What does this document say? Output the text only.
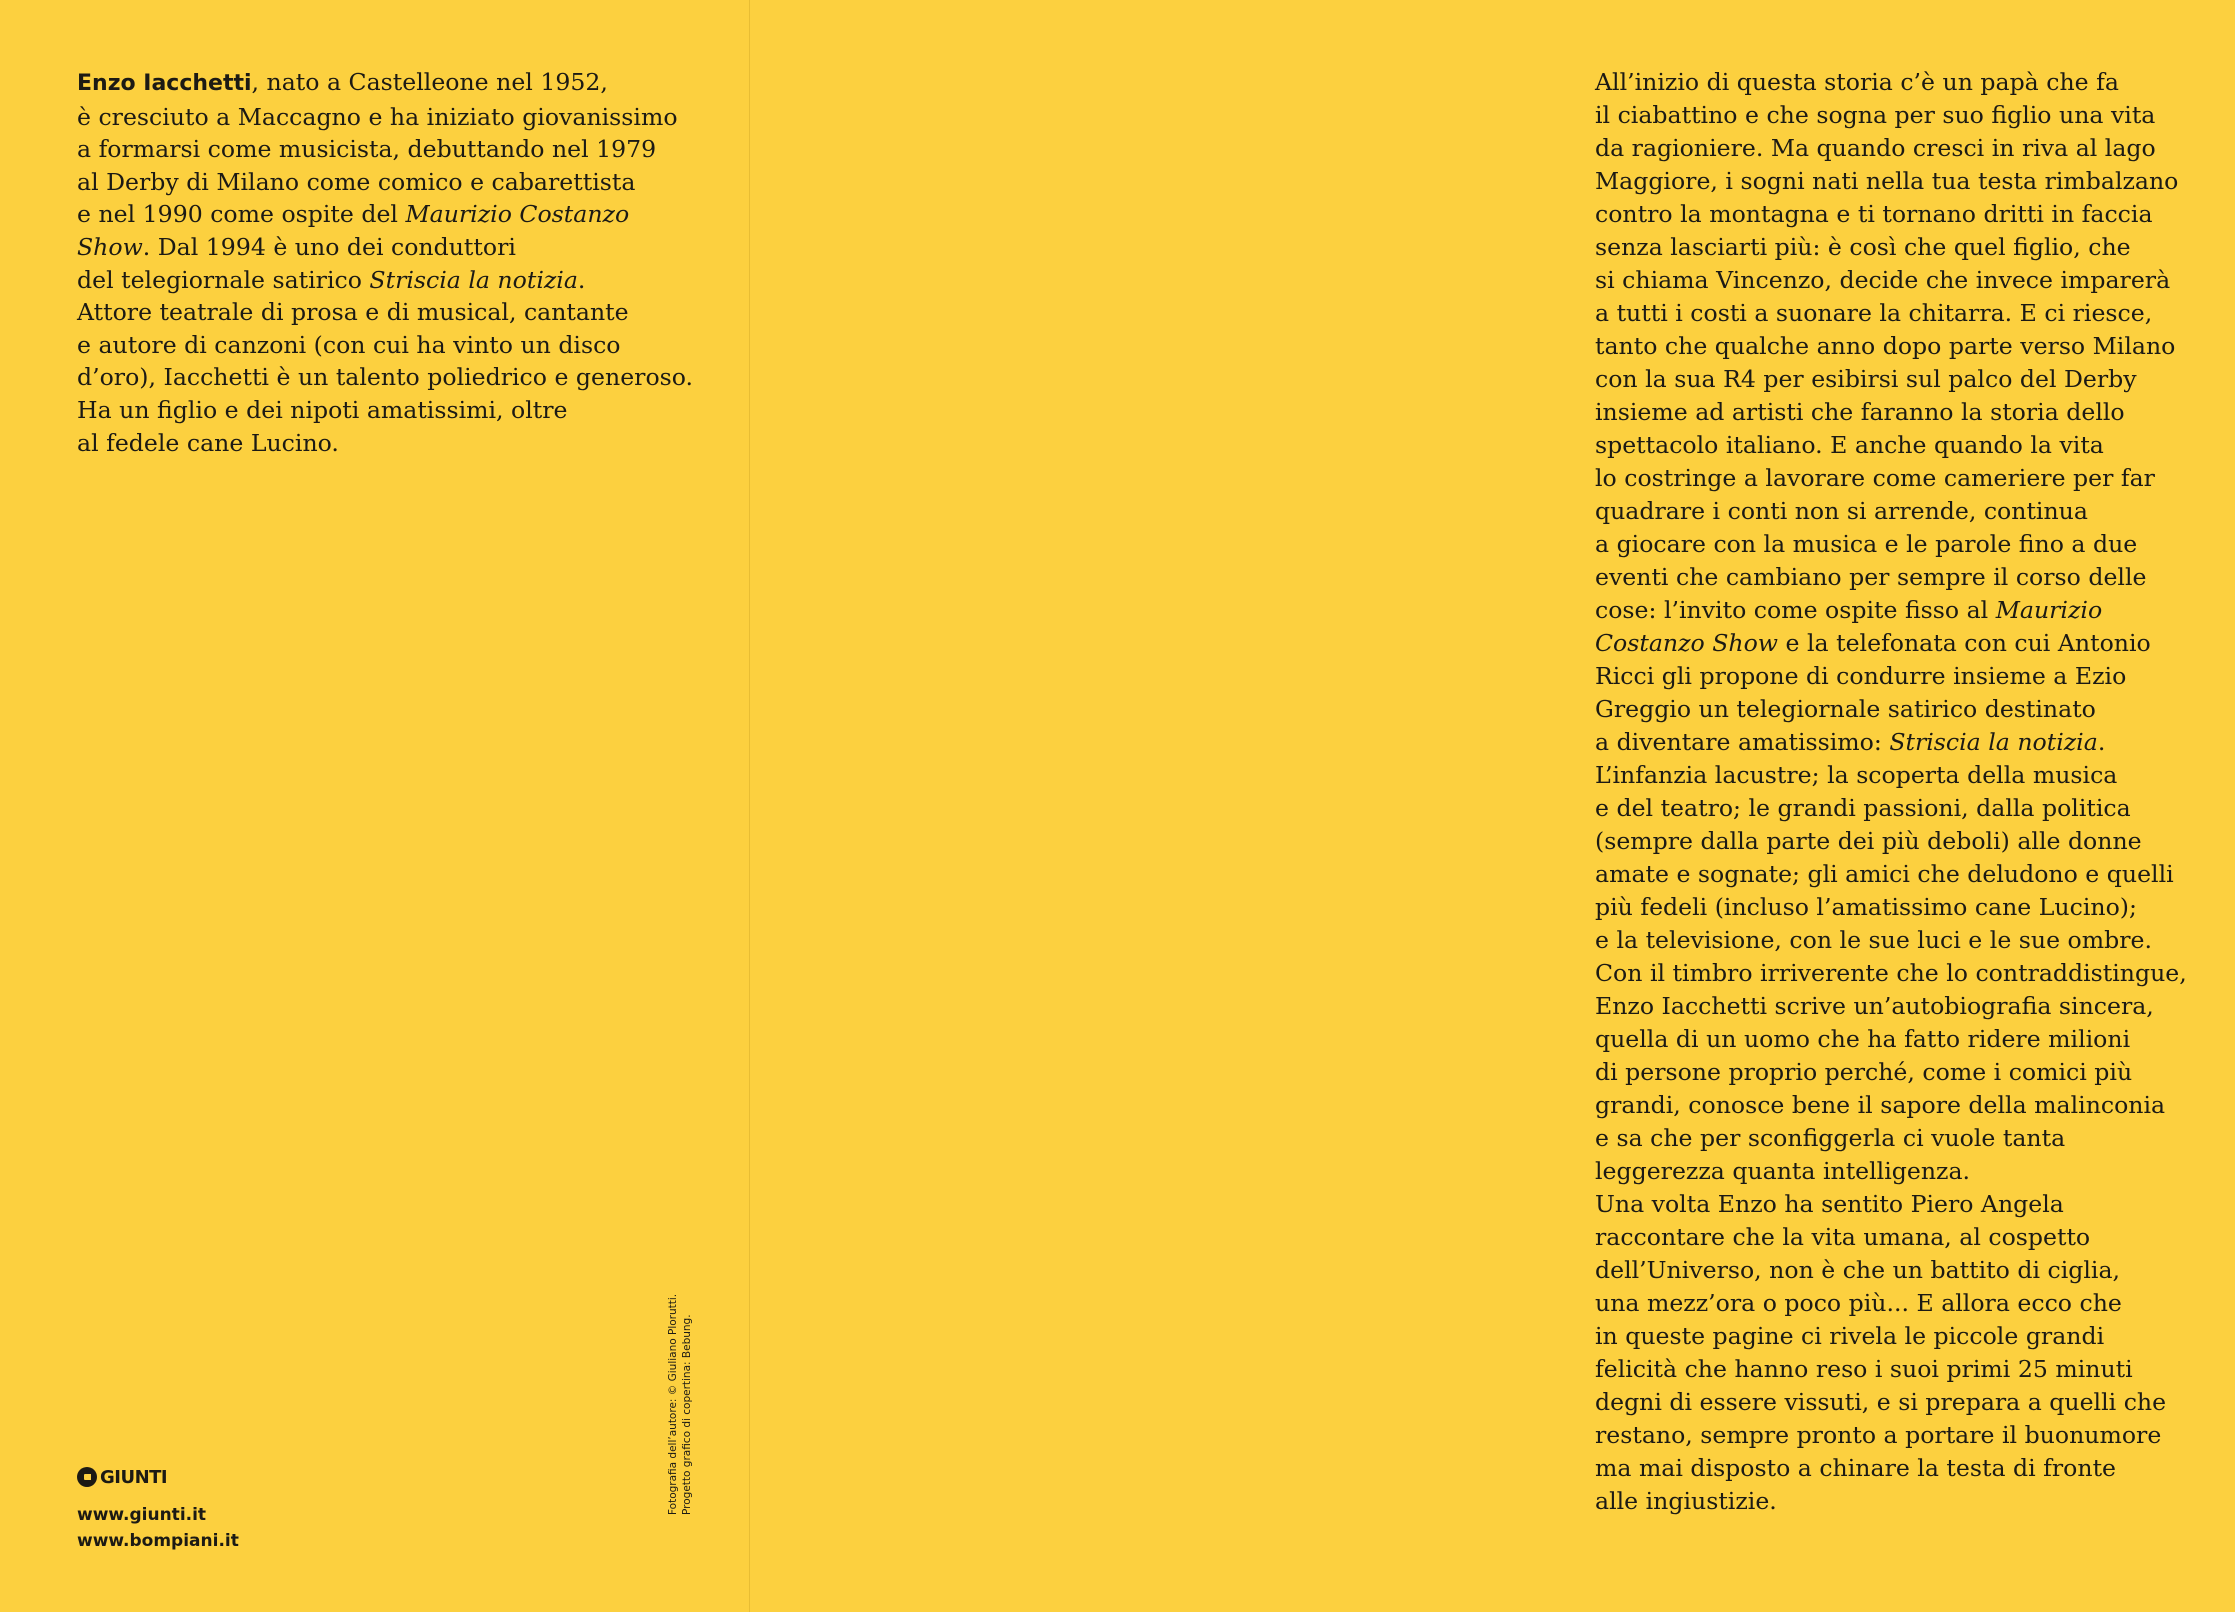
Enzo Iacchetti, nato a Castelleone nel 1952,

è cresciuto a Maccagno e ha iniziato giovanissimo

a formarsi come musicista, debuttando nel 1979

al Derby di Milano come comico e cabarettista

e nel 1990 come ospite del Maurizio Costanzo

Show. Dal 1994 è uno dei conduttori

del telegiornale satirico Striscia la notizia.

Attore teatrale di prosa e di musical, cantante

e autore di canzoni (con cui ha vinto un disco

d’oro), Iacchetti è un talento poliedrico e generoso.

Ha un figlio e dei nipoti amatissimi, oltre

al fedele cane Lucino.

Fotografia dell’autore: © Giuliano Plorutti. Progetto grafico di copertina: Bebung.
GIUNTI
www.giunti.it
www.bompiani.it

All’inizio di questa storia c’è un papà che fa

il ciabattino e che sogna per suo figlio una vita

da ragioniere. Ma quando cresci in riva al lago

Maggiore, i sogni nati nella tua testa rimbalzano

contro la montagna e ti tornano dritti in faccia

senza lasciarti più: è così che quel figlio, che

si chiama Vincenzo, decide che invece imparerà

a tutti i costi a suonare la chitarra. E ci riesce,

tanto che qualche anno dopo parte verso Milano

con la sua R4 per esibirsi sul palco del Derby

insieme ad artisti che faranno la storia dello

spettacolo italiano. E anche quando la vita

lo costringe a lavorare come cameriere per far

quadrare i conti non si arrende, continua

a giocare con la musica e le parole fino a due

eventi che cambiano per sempre il corso delle

cose: l’invito come ospite fisso al Maurizio

Costanzo Show e la telefonata con cui Antonio

Ricci gli propone di condurre insieme a Ezio

Greggio un telegiornale satirico destinato

a diventare amatissimo: Striscia la notizia.

L’infanzia lacustre; la scoperta della musica

e del teatro; le grandi passioni, dalla politica

(sempre dalla parte dei più deboli) alle donne

amate e sognate; gli amici che deludono e quelli

più fedeli (incluso l’amatissimo cane Lucino);

e la televisione, con le sue luci e le sue ombre.

Con il timbro irriverente che lo contraddistingue,

Enzo Iacchetti scrive un’autobiografia sincera,

quella di un uomo che ha fatto ridere milioni

di persone proprio perché, come i comici più

grandi, conosce bene il sapore della malinconia

e sa che per sconfiggerla ci vuole tanta

leggerezza quanta intelligenza.

Una volta Enzo ha sentito Piero Angela

raccontare che la vita umana, al cospetto

dell’Universo, non è che un battito di ciglia,

una mezz’ora o poco più... E allora ecco che

in queste pagine ci rivela le piccole grandi

felicità che hanno reso i suoi primi 25 minuti

degni di essere vissuti, e si prepara a quelli che

restano, sempre pronto a portare il buonumore

ma mai disposto a chinare la testa di fronte

alle ingiustizie.
